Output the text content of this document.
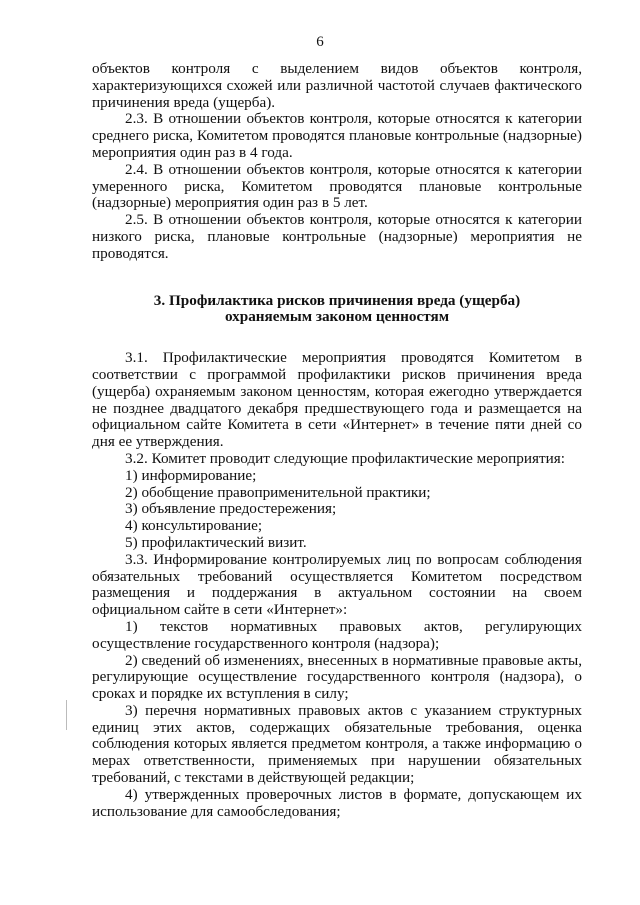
6

объектов контроля с выделением видов объектов контроля, характеризующихся схожей или различной частотой случаев фактического причинения вреда (ущерба).

2.3. В отношении объектов контроля, которые относятся к категории среднего риска, Комитетом проводятся плановые контрольные (надзорные) мероприятия один раз в 4 года.

2.4. В отношении объектов контроля, которые относятся к категории умеренного риска, Комитетом проводятся плановые контрольные (надзорные) мероприятия один раз в 5 лет.

2.5. В отношении объектов контроля, которые относятся к категории низкого риска, плановые контрольные (надзорные) мероприятия не проводятся.

3. Профилактика рисков причинения вреда (ущерба)
охраняемым законом ценностям

3.1. Профилактические мероприятия проводятся Комитетом в соответствии с программой профилактики рисков причинения вреда (ущерба) охраняемым законом ценностям, которая ежегодно утверждается не позднее двадцатого декабря предшествующего года и размещается на официальном сайте Комитета в сети «Интернет» в течение пяти дней со дня ее утверждения.

3.2. Комитет проводит следующие профилактические мероприятия:

1) информирование;

2) обобщение правоприменительной практики;

3) объявление предостережения;

4) консультирование;

5) профилактический визит.

3.3. Информирование контролируемых лиц по вопросам соблюдения обязательных требований осуществляется Комитетом посредством размещения и поддержания в актуальном состоянии на своем официальном сайте в сети «Интернет»:

1) текстов нормативных правовых актов, регулирующих осуществление государственного контроля (надзора);

2) сведений об изменениях, внесенных в нормативные правовые акты, регулирующие осуществление государственного контроля (надзора), о сроках и порядке их вступления в силу;

3) перечня нормативных правовых актов с указанием структурных единиц этих актов, содержащих обязательные требования, оценка соблюдения которых является предметом контроля, а также информацию о мерах ответственности, применяемых при нарушении обязательных требований, с текстами в действующей редакции;

4) утвержденных проверочных листов в формате, допускающем их использование для самообследования;
